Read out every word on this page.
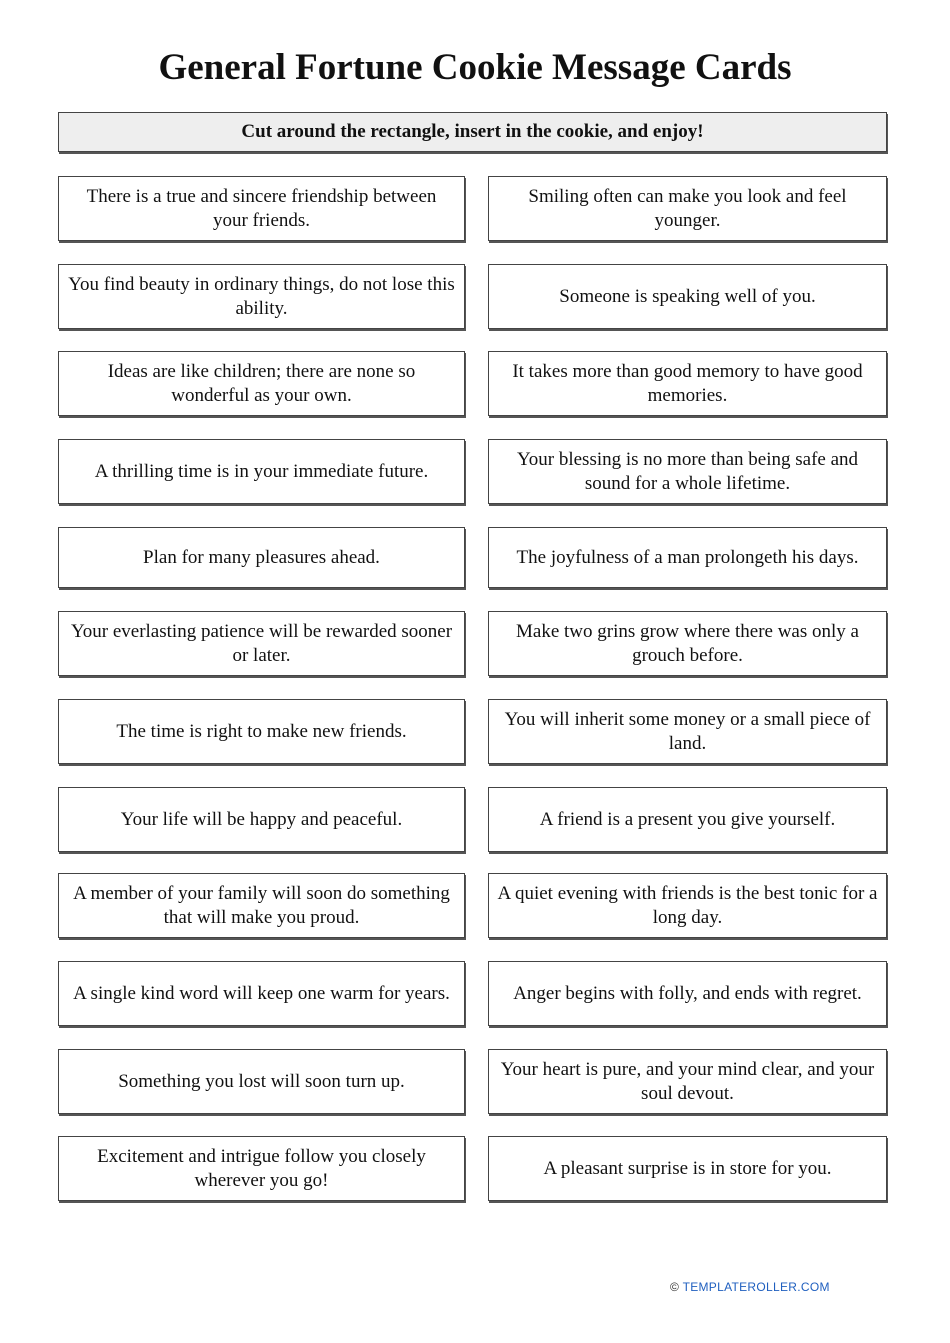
General Fortune Cookie Message Cards
Cut around the rectangle, insert in the cookie, and enjoy!
There is a true and sincere friendship between your friends.
You find beauty in ordinary things, do not lose this ability.
Ideas are like children; there are none so wonderful as your own.
A thrilling time is in your immediate future.
Plan for many pleasures ahead.
Your everlasting patience will be rewarded sooner or later.
The time is right to make new friends.
Your life will be happy and peaceful.
A member of your family will soon do something that will make you proud.
A single kind word will keep one warm for years.
Something you lost will soon turn up.
Excitement and intrigue follow you closely wherever you go!
Smiling often can make you look and feel younger.
Someone is speaking well of you.
It takes more than good memory to have good memories.
Your blessing is no more than being safe and sound for a whole lifetime.
The joyfulness of a man prolongeth his days.
Make two grins grow where there was only a grouch before.
You will inherit some money or a small piece of land.
A friend is a present you give yourself.
A quiet evening with friends is the best tonic for a long day.
Anger begins with folly, and ends with regret.
Your heart is pure, and your mind clear, and your soul devout.
A pleasant surprise is in store for you.
© TEMPLATEROLLER.COM
